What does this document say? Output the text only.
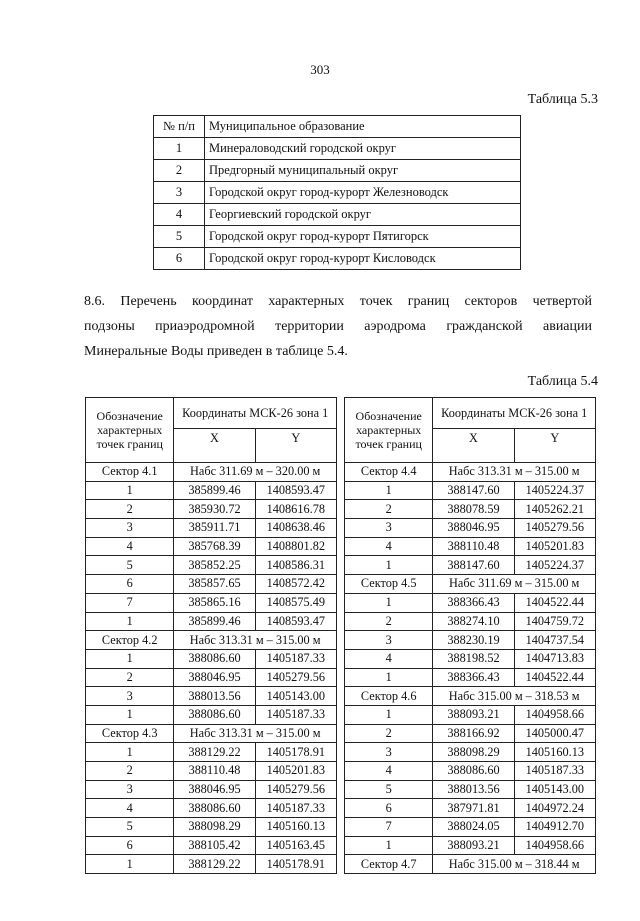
303
Таблица 5.3
№ п/п	Муниципальное образование
1	Минераловодский городской округ
2	Предгорный муниципальный округ
3	Городской округ город-курорт Железноводск
4	Георгиевский городской округ
5	Городской округ город-курорт Пятигорск
6	Городской округ город-курорт Кисловодск
8.6. Перечень координат характерных точек границ секторов четвертой
подзоны приаэродромной территории аэродрома гражданской авиации
Минеральные Воды приведен в таблице 5.4.
Таблица 5.4
Обозначение характерных точек границ	Координаты МСК-26 зона 1	
	X	Y
Сектор 4.1	Набс 311.69 м – 320.00 м	
1	385899.46	1408593.47
2	385930.72	1408616.78
3	385911.71	1408638.46
4	385768.39	1408801.82
5	385852.25	1408586.31
6	385857.65	1408572.42
7	385865.16	1408575.49
1	385899.46	1408593.47
Сектор 4.2	Набс 313.31 м – 315.00 м	
1	388086.60	1405187.33
2	388046.95	1405279.56
3	388013.56	1405143.00
1	388086.60	1405187.33
Сектор 4.3	Набс 313.31 м – 315.00 м	
1	388129.22	1405178.91
2	388110.48	1405201.83
3	388046.95	1405279.56
4	388086.60	1405187.33
5	388098.29	1405160.13
6	388105.42	1405163.45
1	388129.22	1405178.91
Обозначение характерных точек границ	Координаты МСК-26 зона 1	
	X	Y
Сектор 4.4	Набс 313.31 м – 315.00 м	
1	388147.60	1405224.37
2	388078.59	1405262.21
3	388046.95	1405279.56
4	388110.48	1405201.83
1	388147.60	1405224.37
Сектор 4.5	Набс 311.69 м – 315.00 м	
1	388366.43	1404522.44
2	388274.10	1404759.72
3	388230.19	1404737.54
4	388198.52	1404713.83
1	388366.43	1404522.44
Сектор 4.6	Набс 315.00 м – 318.53 м	
1	388093.21	1404958.66
2	388166.92	1405000.47
3	388098.29	1405160.13
4	388086.60	1405187.33
5	388013.56	1405143.00
6	387971.81	1404972.24
7	388024.05	1404912.70
1	388093.21	1404958.66
Сектор 4.7	Набс 315.00 м – 318.44 м	
